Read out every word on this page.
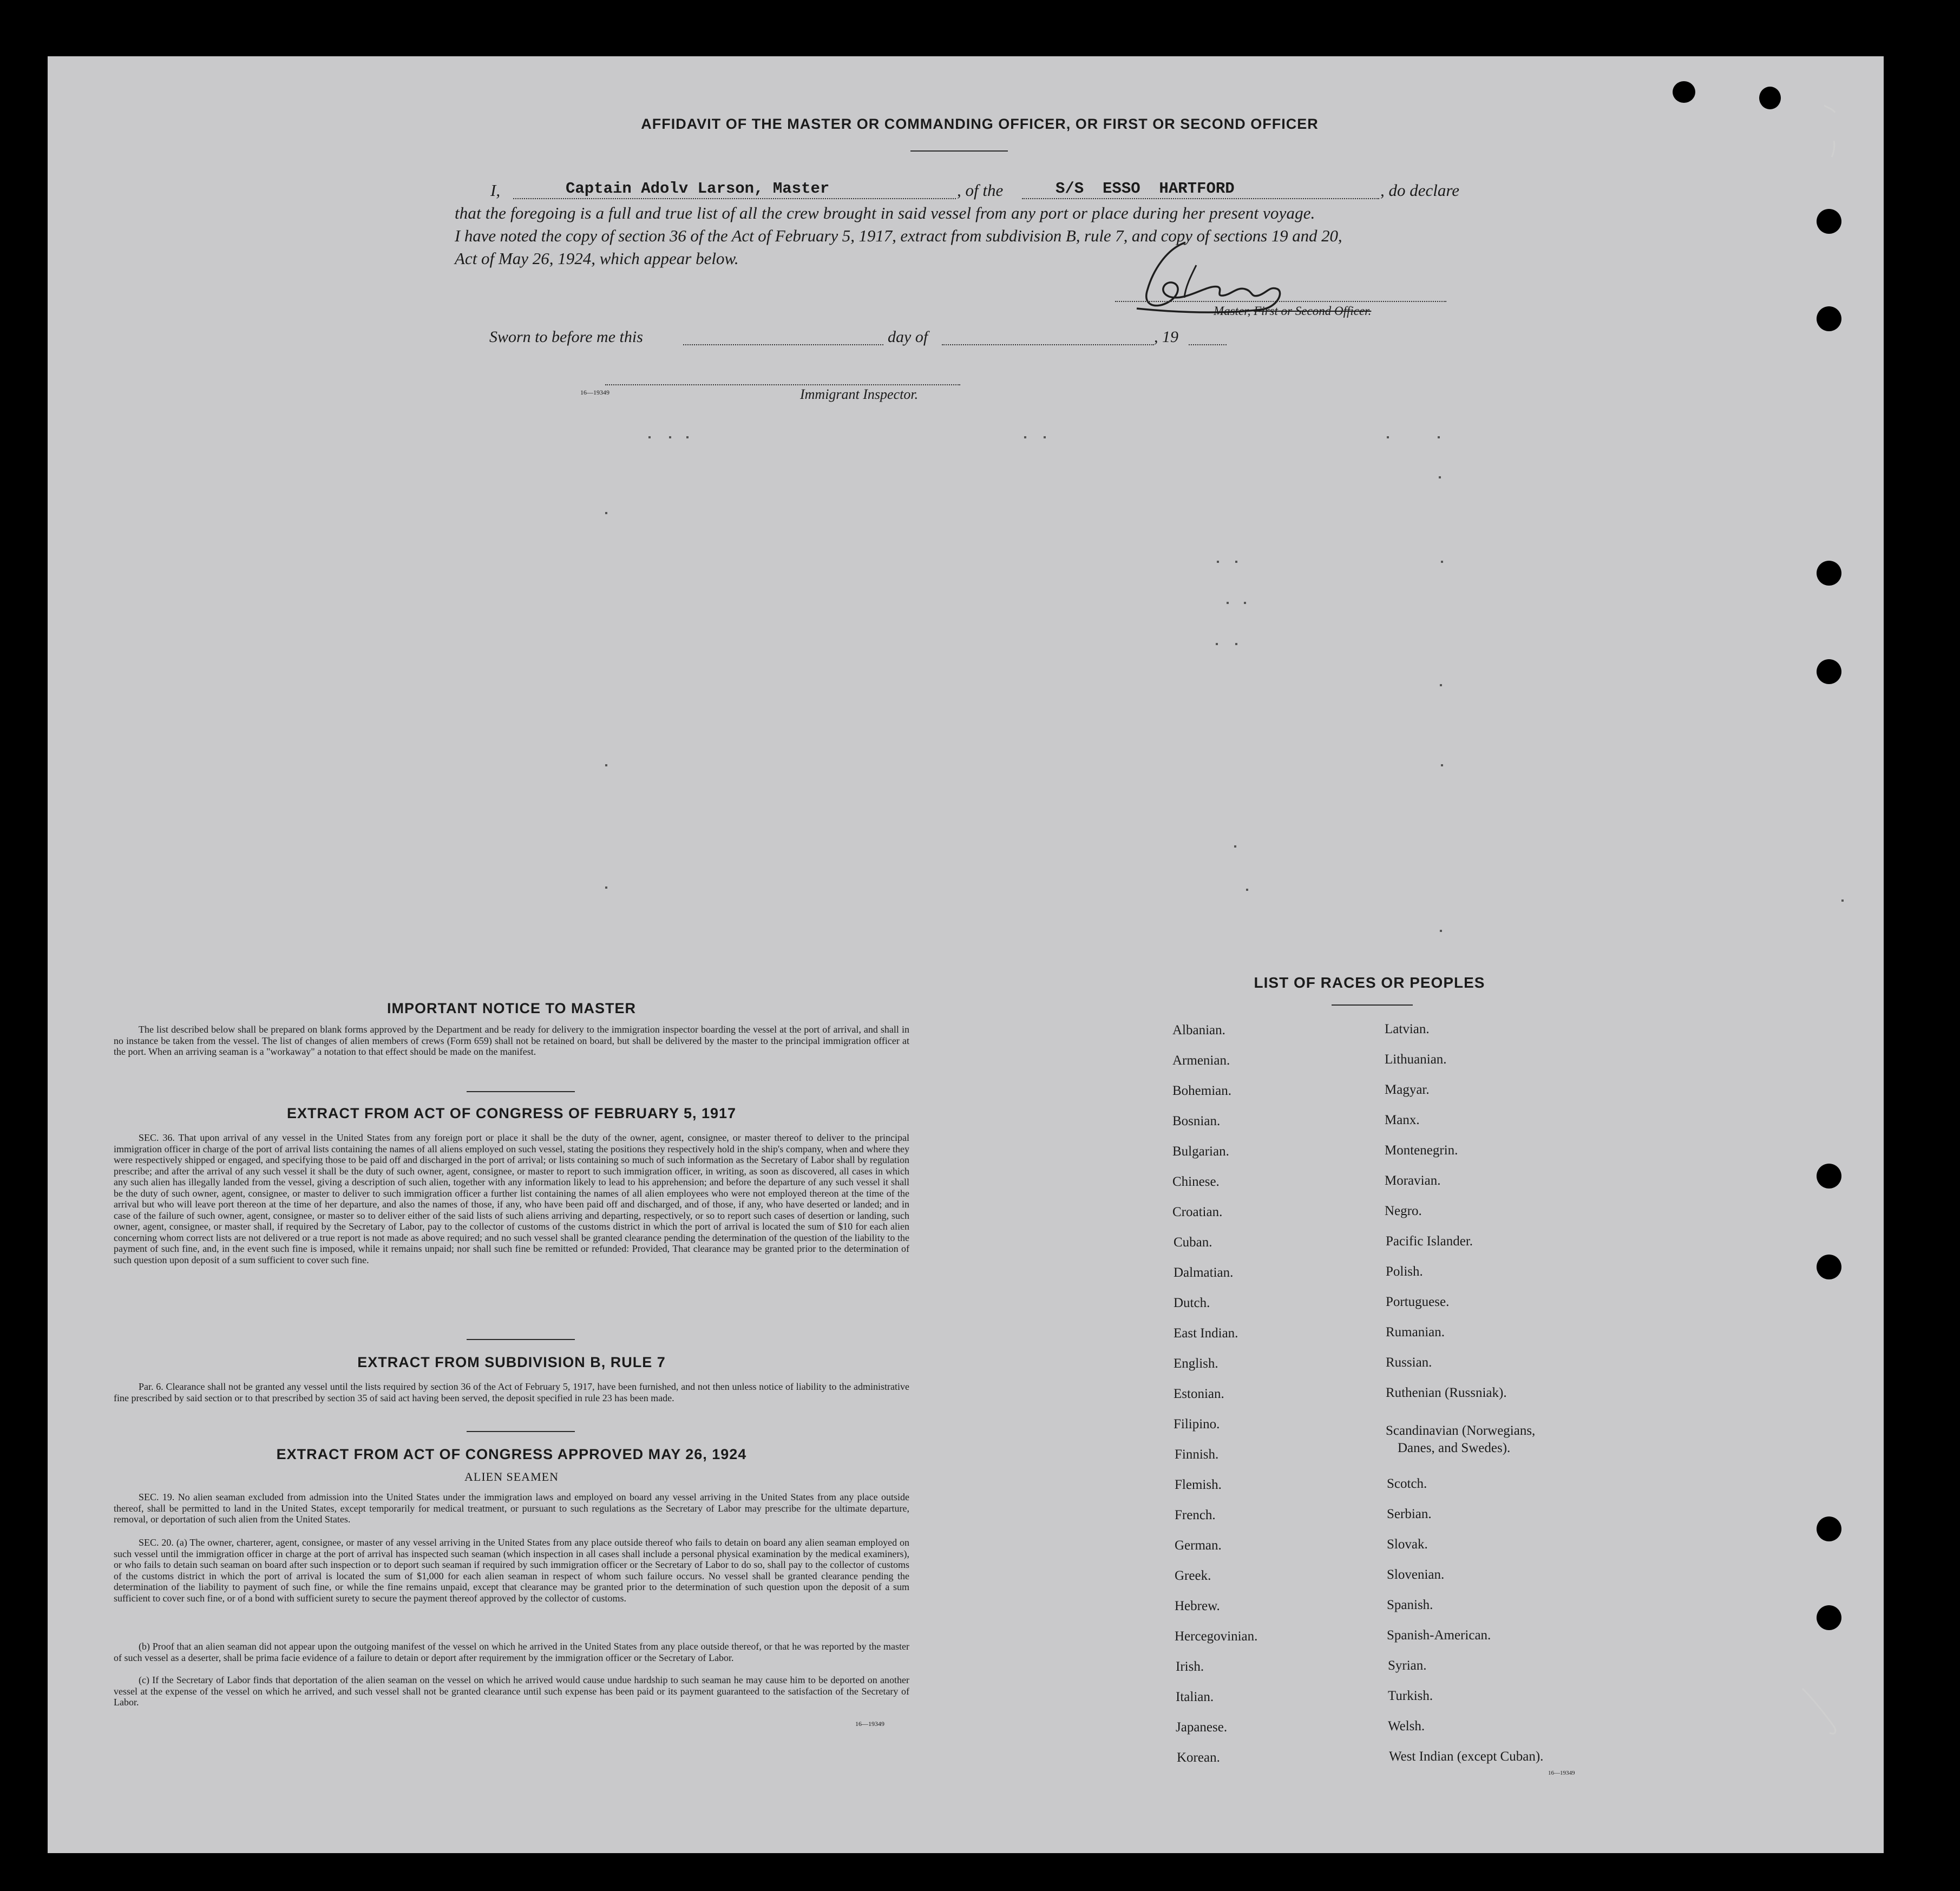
AFFIDAVIT OF THE MASTER OR COMMANDING OFFICER, OR FIRST OR SECOND OFFICER
I,	Captain Adolv Larson, Master	, of the	S/S  ESSO  HARTFORD	, do declare
that the foregoing is a full and true list of all the crew brought in said vessel from any port or place during her present voyage.
I have noted the copy of section 36 of the Act of February 5, 1917, extract from subdivision B, rule 7, and copy of sections 19 and 20,
Act of May 26, 1924, which appear below.
Master, First or Second Officer.
Sworn to before me this	day of	, 19
16—19349	Immigrant Inspector.
IMPORTANT NOTICE TO MASTER
The list described below shall be prepared on blank forms approved by the Department and be ready for delivery to the immigration inspector boarding the vessel at the port of arrival, and shall in no instance be taken from the vessel. The list of changes of alien members of crews (Form 659) shall not be retained on board, but shall be delivered by the master to the principal immigration officer at the port. When an arriving seaman is a "workaway" a notation to that effect should be made on the manifest.
EXTRACT FROM ACT OF CONGRESS OF FEBRUARY 5, 1917
SEC. 36. That upon arrival of any vessel in the United States from any foreign port or place it shall be the duty of the owner, agent, consignee, or master thereof to deliver to the principal immigration officer in charge of the port of arrival lists containing the names of all aliens employed on such vessel, stating the positions they respectively hold in the ship's company, when and where they were respectively shipped or engaged, and specifying those to be paid off and discharged in the port of arrival; or lists containing so much of such information as the Secretary of Labor shall by regulation prescribe; and after the arrival of any such vessel it shall be the duty of such owner, agent, consignee, or master to report to such immigration officer, in writing, as soon as discovered, all cases in which any such alien has illegally landed from the vessel, giving a description of such alien, together with any information likely to lead to his apprehension; and before the departure of any such vessel it shall be the duty of such owner, agent, consignee, or master to deliver to such immigration officer a further list containing the names of all alien employees who were not employed thereon at the time of the arrival but who will leave port thereon at the time of her departure, and also the names of those, if any, who have been paid off and discharged, and of those, if any, who have deserted or landed; and in case of the failure of such owner, agent, consignee, or master so to deliver either of the said lists of such aliens arriving and departing, respectively, or so to report such cases of desertion or landing, such owner, agent, consignee, or master shall, if required by the Secretary of Labor, pay to the collector of customs of the customs district in which the port of arrival is located the sum of $10 for each alien concerning whom correct lists are not delivered or a true report is not made as above required; and no such vessel shall be granted clearance pending the determination of the question of the liability to the payment of such fine, and, in the event such fine is imposed, while it remains unpaid; nor shall such fine be remitted or refunded: Provided, That clearance may be granted prior to the determination of such question upon deposit of a sum sufficient to cover such fine.
EXTRACT FROM SUBDIVISION B, RULE 7
Par. 6. Clearance shall not be granted any vessel until the lists required by section 36 of the Act of February 5, 1917, have been furnished, and not then unless notice of liability to the administrative fine prescribed by said section or to that prescribed by section 35 of said act having been served, the deposit specified in rule 23 has been made.
EXTRACT FROM ACT OF CONGRESS APPROVED MAY 26, 1924
ALIEN SEAMEN
SEC. 19. No alien seaman excluded from admission into the United States under the immigration laws and employed on board any vessel arriving in the United States from any place outside thereof, shall be permitted to land in the United States, except temporarily for medical treatment, or pursuant to such regulations as the Secretary of Labor may prescribe for the ultimate departure, removal, or deportation of such alien from the United States.
SEC. 20. (a) The owner, charterer, agent, consignee, or master of any vessel arriving in the United States from any place outside thereof who fails to detain on board any alien seaman employed on such vessel until the immigration officer in charge at the port of arrival has inspected such seaman (which inspection in all cases shall include a personal physical examination by the medical examiners), or who fails to detain such seaman on board after such inspection or to deport such seaman if required by such immigration officer or the Secretary of Labor to do so, shall pay to the collector of customs of the customs district in which the port of arrival is located the sum of $1,000 for each alien seaman in respect of whom such failure occurs. No vessel shall be granted clearance pending the determination of the liability to payment of such fine, or while the fine remains unpaid, except that clearance may be granted prior to the determination of such question upon the deposit of a sum sufficient to cover such fine, or of a bond with sufficient surety to secure the payment thereof approved by the collector of customs.
(b) Proof that an alien seaman did not appear upon the outgoing manifest of the vessel on which he arrived in the United States from any place outside thereof, or that he was reported by the master of such vessel as a deserter, shall be prima facie evidence of a failure to detain or deport after requirement by the immigration officer or the Secretary of Labor.
(c) If the Secretary of Labor finds that deportation of the alien seaman on the vessel on which he arrived would cause undue hardship to such seaman he may cause him to be deported on another vessel at the expense of the vessel on which he arrived, and such vessel shall not be granted clearance until such expense has been paid or its payment guaranteed to the satisfaction of the Secretary of Labor.
16—19349
LIST OF RACES OR PEOPLES
Albanian.
Armenian.
Bohemian.
Bosnian.
Bulgarian.
Chinese.
Croatian.
Cuban.
Dalmatian.
Dutch.
East Indian.
English.
Estonian.
Filipino.
Finnish.
Flemish.
French.
German.
Greek.
Hebrew.
Hercegovinian.
Irish.
Italian.
Japanese.
Korean.
Latvian.
Lithuanian.
Magyar.
Manx.
Montenegrin.
Moravian.
Negro.
Pacific Islander.
Polish.
Portuguese.
Rumanian.
Russian.
Ruthenian (Russniak).
Scandinavian (Norwegians,
Danes, and Swedes).
Scotch.
Serbian.
Slovak.
Slovenian.
Spanish.
Spanish-American.
Syrian.
Turkish.
Welsh.
West Indian (except Cuban).
16—19349
